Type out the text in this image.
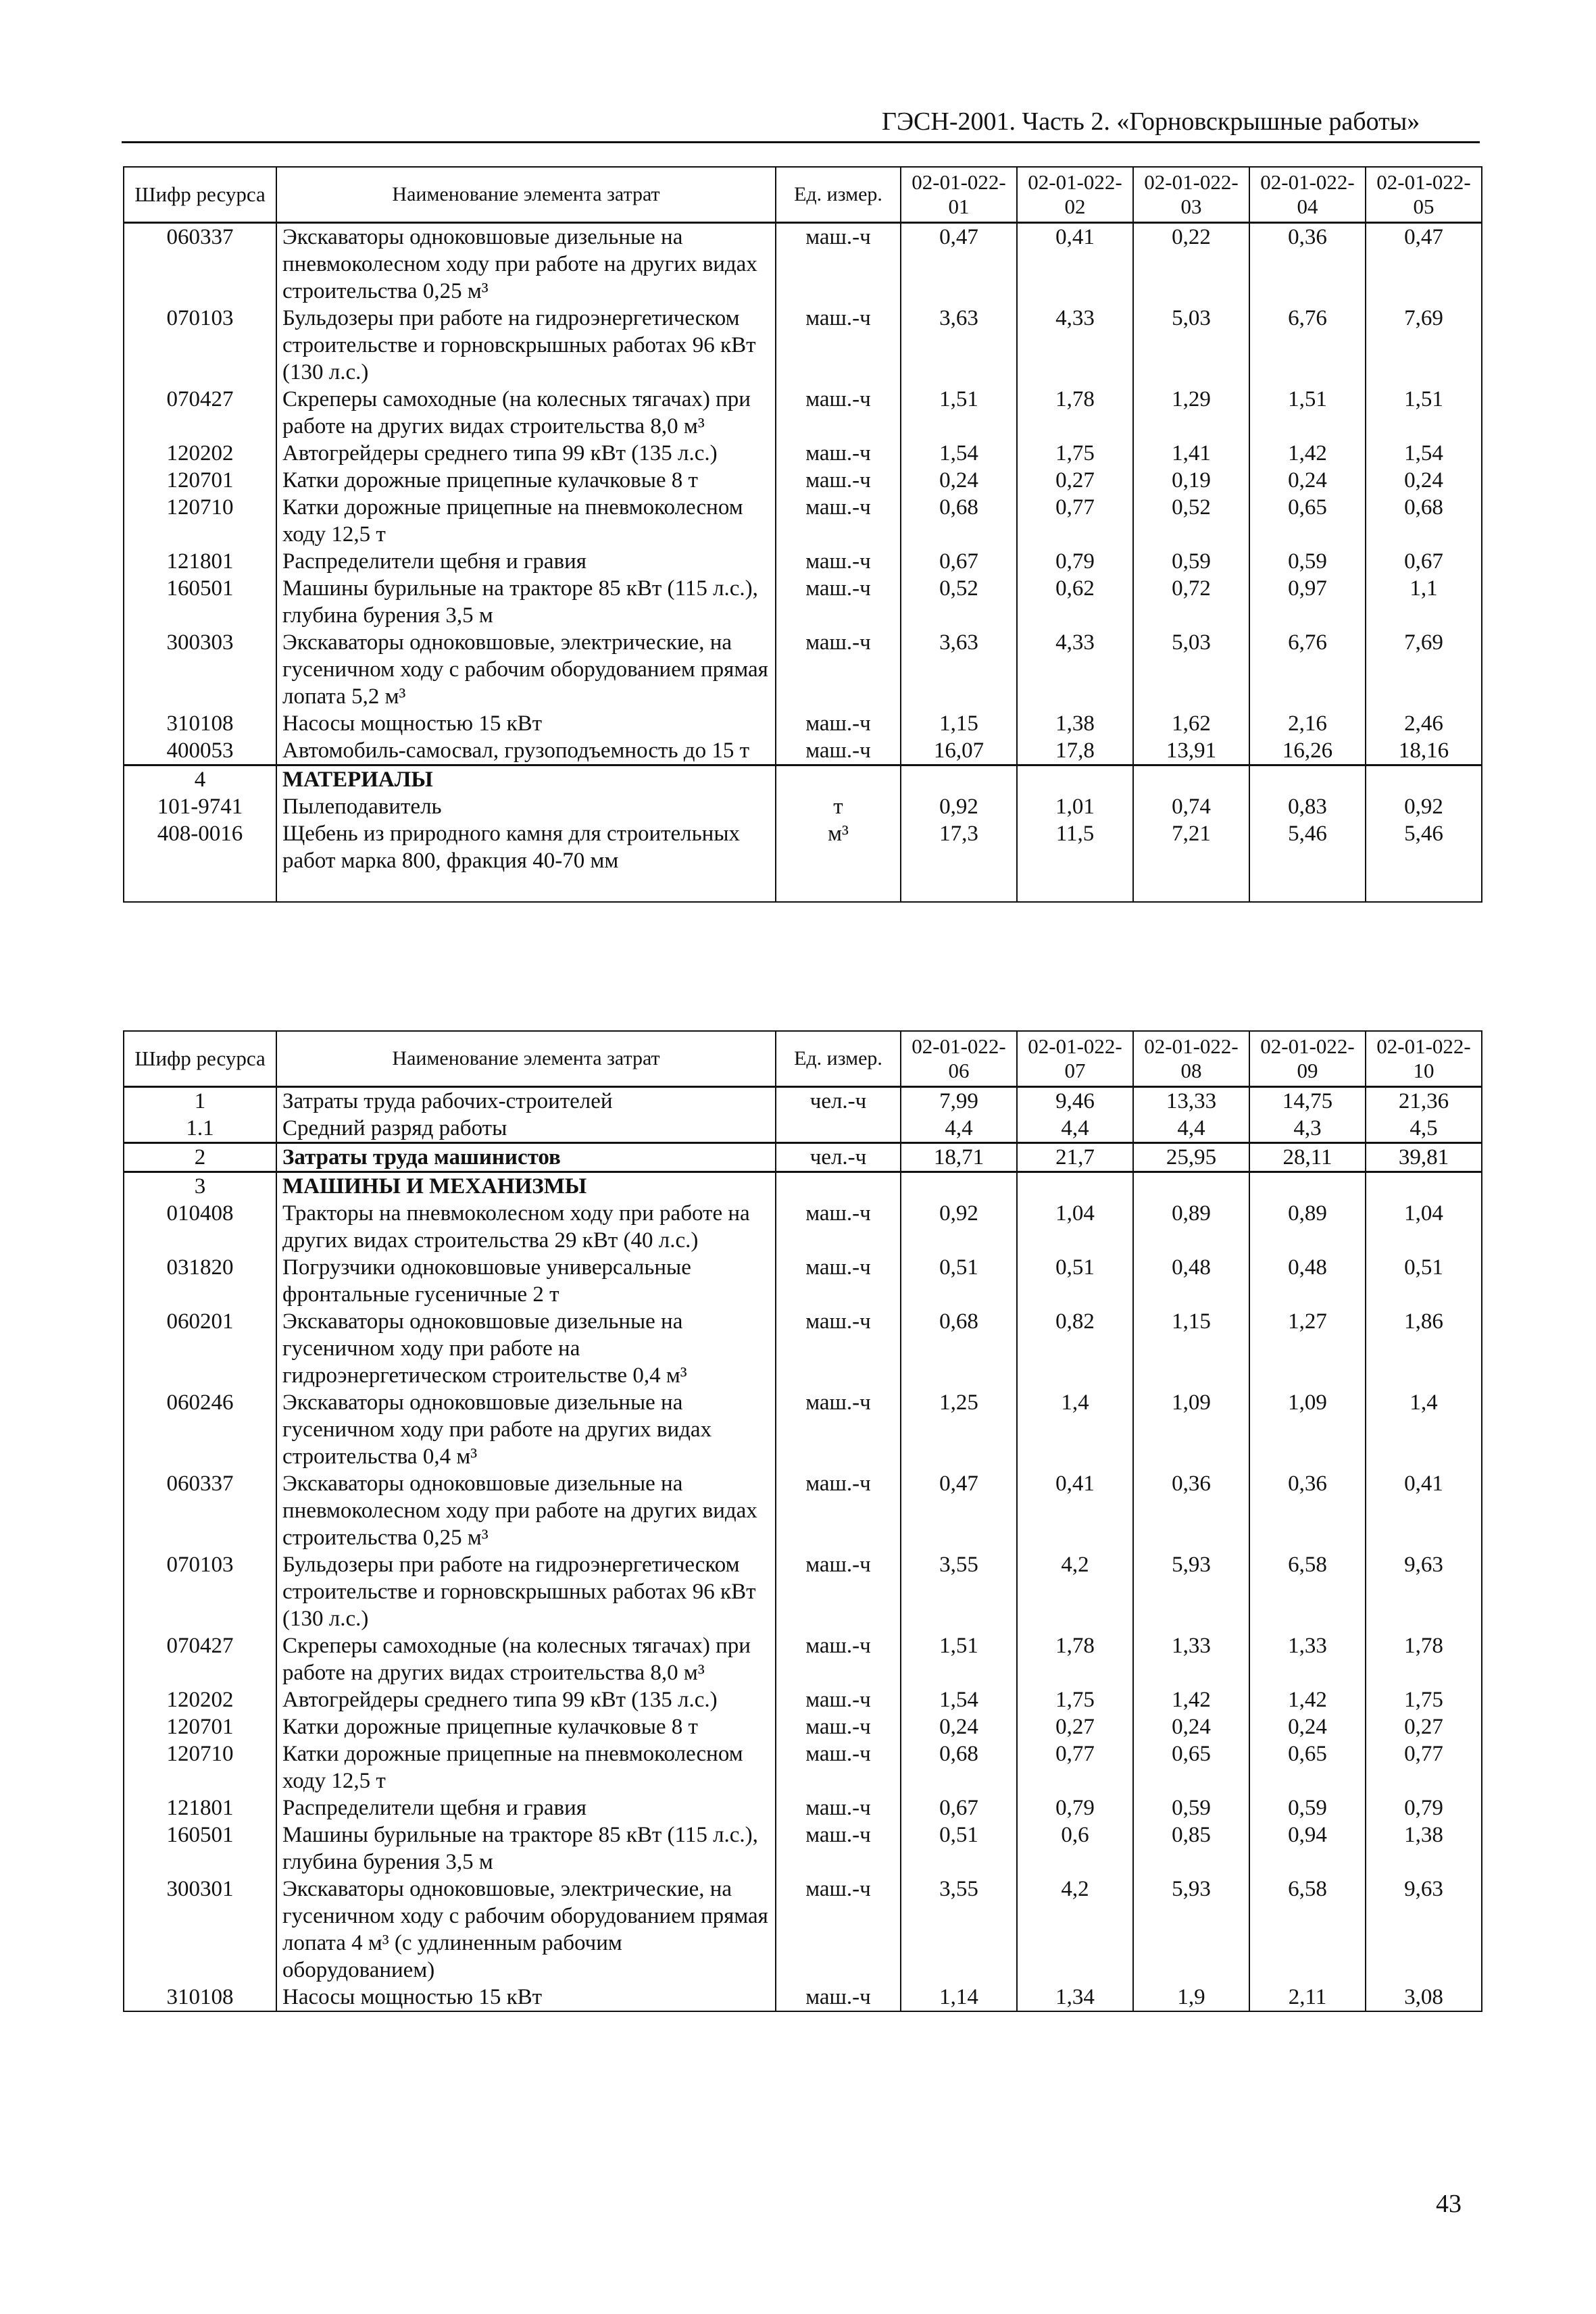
ГЭСН-2001. Часть 2. «Горновскрышные работы»
Шифр ресурса	Наименование элемента затрат	Ед. измер.	02-01-022-01	02-01-022-02	02-01-022-03	02-01-022-04	02-01-022-05
060337	Экскаваторы одноковшовые дизельные на пневмоколесном ходу при работе на других видах строительства 0,25 м³	маш.-ч	0,47	0,41	0,22	0,36	0,47
070103	Бульдозеры при работе на гидроэнергетическом строительстве и горновскрышных работах 96 кВт (130 л.с.)	маш.-ч	3,63	4,33	5,03	6,76	7,69
070427	Скреперы самоходные (на колесных тягачах) при работе на других видах строительства 8,0 м³	маш.-ч	1,51	1,78	1,29	1,51	1,51
120202	Автогрейдеры среднего типа 99 кВт (135 л.с.)	маш.-ч	1,54	1,75	1,41	1,42	1,54
120701	Катки дорожные прицепные кулачковые 8 т	маш.-ч	0,24	0,27	0,19	0,24	0,24
120710	Катки дорожные прицепные на пневмоколесном ходу 12,5 т	маш.-ч	0,68	0,77	0,52	0,65	0,68
121801	Распределители щебня и гравия	маш.-ч	0,67	0,79	0,59	0,59	0,67
160501	Машины бурильные на тракторе 85 кВт (115 л.с.), глубина бурения 3,5 м	маш.-ч	0,52	0,62	0,72	0,97	1,1
300303	Экскаваторы одноковшовые, электрические, на гусеничном ходу с рабочим оборудованием прямая лопата 5,2 м³	маш.-ч	3,63	4,33	5,03	6,76	7,69
310108	Насосы мощностью 15 кВт	маш.-ч	1,15	1,38	1,62	2,16	2,46
400053	Автомобиль-самосвал, грузоподъемность до 15 т	маш.-ч	16,07	17,8	13,91	16,26	18,16
4	МАТЕРИАЛЫ						
101-9741	Пылеподавитель	т	0,92	1,01	0,74	0,83	0,92
408-0016	Щебень из природного камня для строительных работ марка 800, фракция 40-70 мм	м³	17,3	11,5	7,21	5,46	5,46

Шифр ресурса	Наименование элемента затрат	Ед. измер.	02-01-022-06	02-01-022-07	02-01-022-08	02-01-022-09	02-01-022-10
1	Затраты труда рабочих-строителей	чел.-ч	7,99	9,46	13,33	14,75	21,36
1.1	Средний разряд работы		4,4	4,4	4,4	4,3	4,5
2	Затраты труда машинистов	чел.-ч	18,71	21,7	25,95	28,11	39,81
3	МАШИНЫ И МЕХАНИЗМЫ						
010408	Тракторы на пневмоколесном ходу при работе на других видах строительства 29 кВт (40 л.с.)	маш.-ч	0,92	1,04	0,89	0,89	1,04
031820	Погрузчики одноковшовые универсальные фронтальные гусеничные 2 т	маш.-ч	0,51	0,51	0,48	0,48	0,51
060201	Экскаваторы одноковшовые дизельные на гусеничном ходу при работе на гидроэнергетическом строительстве 0,4 м³	маш.-ч	0,68	0,82	1,15	1,27	1,86
060246	Экскаваторы одноковшовые дизельные на гусеничном ходу при работе на других видах строительства 0,4 м³	маш.-ч	1,25	1,4	1,09	1,09	1,4
060337	Экскаваторы одноковшовые дизельные на пневмоколесном ходу при работе на других видах строительства 0,25 м³	маш.-ч	0,47	0,41	0,36	0,36	0,41
070103	Бульдозеры при работе на гидроэнергетическом строительстве и горновскрышных работах 96 кВт (130 л.с.)	маш.-ч	3,55	4,2	5,93	6,58	9,63
070427	Скреперы самоходные (на колесных тягачах) при работе на других видах строительства 8,0 м³	маш.-ч	1,51	1,78	1,33	1,33	1,78
120202	Автогрейдеры среднего типа 99 кВт (135 л.с.)	маш.-ч	1,54	1,75	1,42	1,42	1,75
120701	Катки дорожные прицепные кулачковые 8 т	маш.-ч	0,24	0,27	0,24	0,24	0,27
120710	Катки дорожные прицепные на пневмоколесном ходу 12,5 т	маш.-ч	0,68	0,77	0,65	0,65	0,77
121801	Распределители щебня и гравия	маш.-ч	0,67	0,79	0,59	0,59	0,79
160501	Машины бурильные на тракторе 85 кВт (115 л.с.), глубина бурения 3,5 м	маш.-ч	0,51	0,6	0,85	0,94	1,38
300301	Экскаваторы одноковшовые, электрические, на гусеничном ходу с рабочим оборудованием прямая лопата 4 м³ (с удлиненным рабочим оборудованием)	маш.-ч	3,55	4,2	5,93	6,58	9,63
310108	Насосы мощностью 15 кВт	маш.-ч	1,14	1,34	1,9	2,11	3,08
43
